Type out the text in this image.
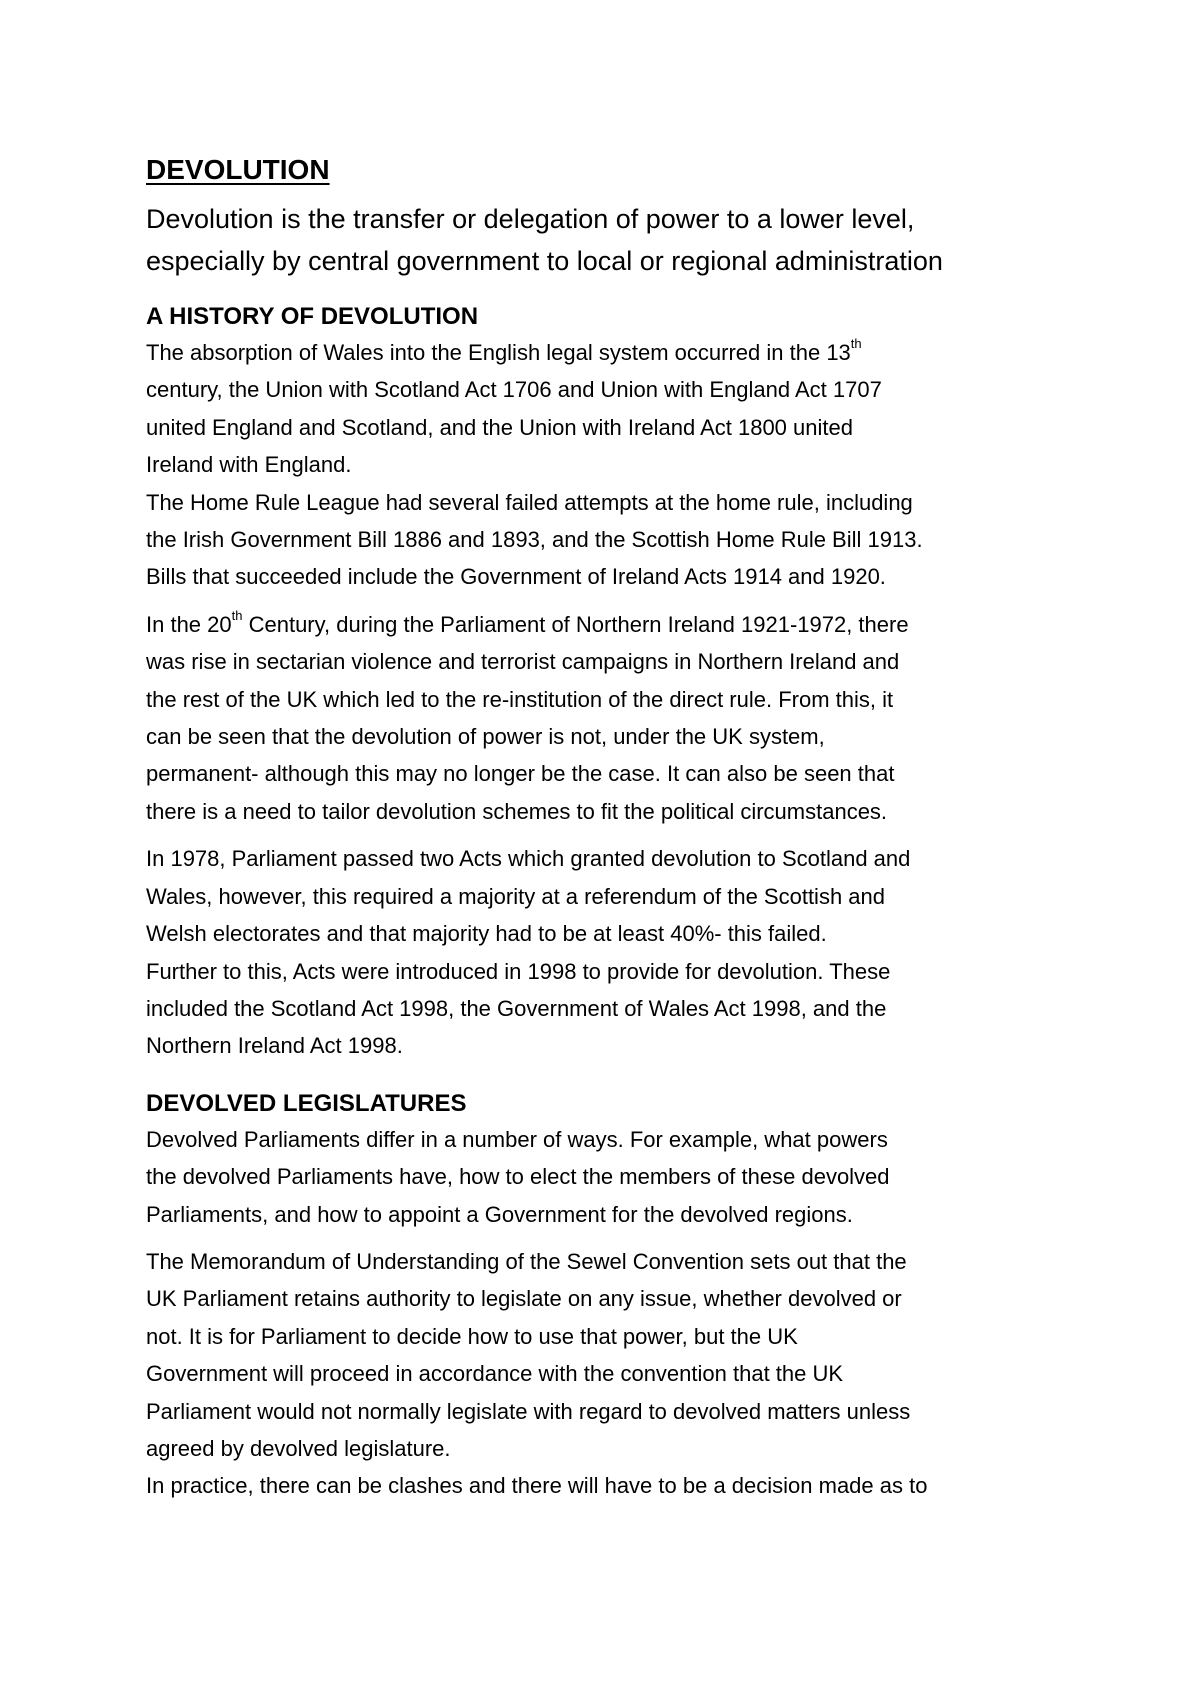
DEVOLUTION

Devolution is the transfer or delegation of power to a lower level,

especially by central government to local or regional administration

A HISTORY OF DEVOLUTION

The absorption of Wales into the English legal system occurred in the 13th
century, the Union with Scotland Act 1706 and Union with England Act 1707
united England and Scotland, and the Union with Ireland Act 1800 united
Ireland with England.
The Home Rule League had several failed attempts at the home rule, including
the Irish Government Bill 1886 and 1893, and the Scottish Home Rule Bill 1913.
Bills that succeeded include the Government of Ireland Acts 1914 and 1920.

In the 20th Century, during the Parliament of Northern Ireland 1921-1972, there
was rise in sectarian violence and terrorist campaigns in Northern Ireland and
the rest of the UK which led to the re-institution of the direct rule. From this, it
can be seen that the devolution of power is not, under the UK system,
permanent- although this may no longer be the case. It can also be seen that
there is a need to tailor devolution schemes to fit the political circumstances.

In 1978, Parliament passed two Acts which granted devolution to Scotland and
Wales, however, this required a majority at a referendum of the Scottish and
Welsh electorates and that majority had to be at least 40%- this failed.
Further to this, Acts were introduced in 1998 to provide for devolution. These
included the Scotland Act 1998, the Government of Wales Act 1998, and the
Northern Ireland Act 1998.

DEVOLVED LEGISLATURES

Devolved Parliaments differ in a number of ways. For example, what powers
the devolved Parliaments have, how to elect the members of these devolved
Parliaments, and how to appoint a Government for the devolved regions.

The Memorandum of Understanding of the Sewel Convention sets out that the
UK Parliament retains authority to legislate on any issue, whether devolved or
not. It is for Parliament to decide how to use that power, but the UK
Government will proceed in accordance with the convention that the UK
Parliament would not normally legislate with regard to devolved matters unless
agreed by devolved legislature.
In practice, there can be clashes and there will have to be a decision made as to
